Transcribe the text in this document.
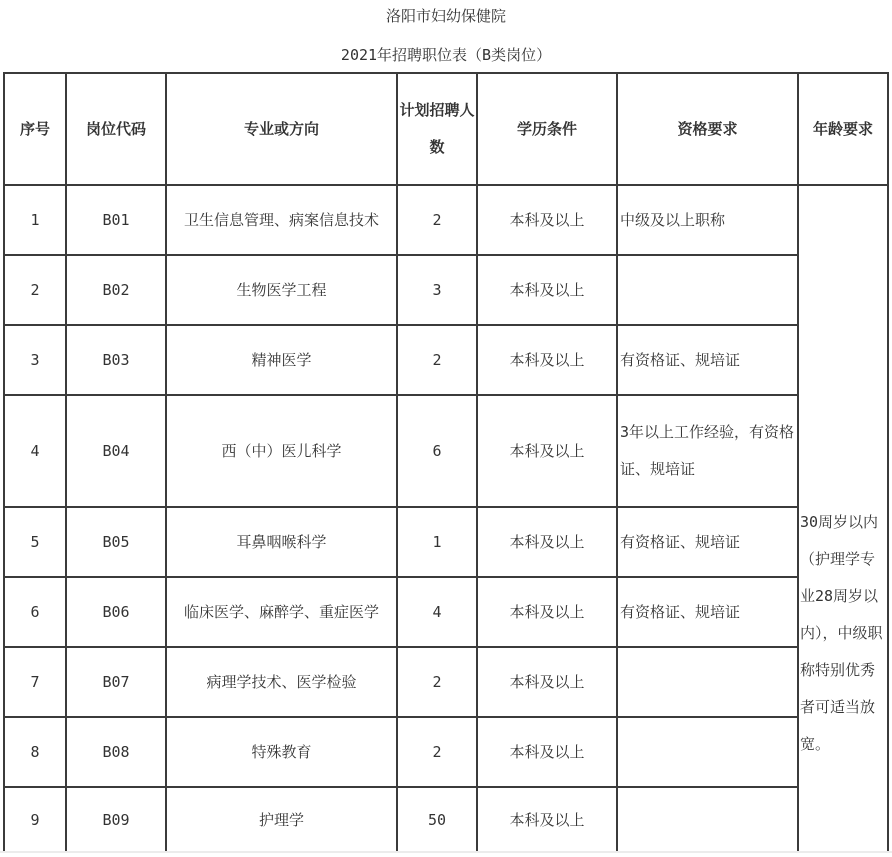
洛阳市妇幼保健院
2021年招聘职位表（B类岗位）
序号	岗位代码	专业或方向	计划招聘人数	学历条件	资格要求	年龄要求
1	B01	卫生信息管理、病案信息技术	2	本科及以上	中级及以上职称	30周岁以内（护理学专业28周岁以内），中级职称特别优秀者可适当放宽。
2	B02	生物医学工程	3	本科及以上		
3	B03	精神医学	2	本科及以上	有资格证、规培证	
4	B04	西（中）医儿科学	6	本科及以上	3年以上工作经验，有资格证、规培证	
5	B05	耳鼻咽喉科学	1	本科及以上	有资格证、规培证	
6	B06	临床医学、麻醉学、重症医学	4	本科及以上	有资格证、规培证	
7	B07	病理学技术、医学检验	2	本科及以上		
8	B08	特殊教育	2	本科及以上		
9	B09	护理学	50	本科及以上		
